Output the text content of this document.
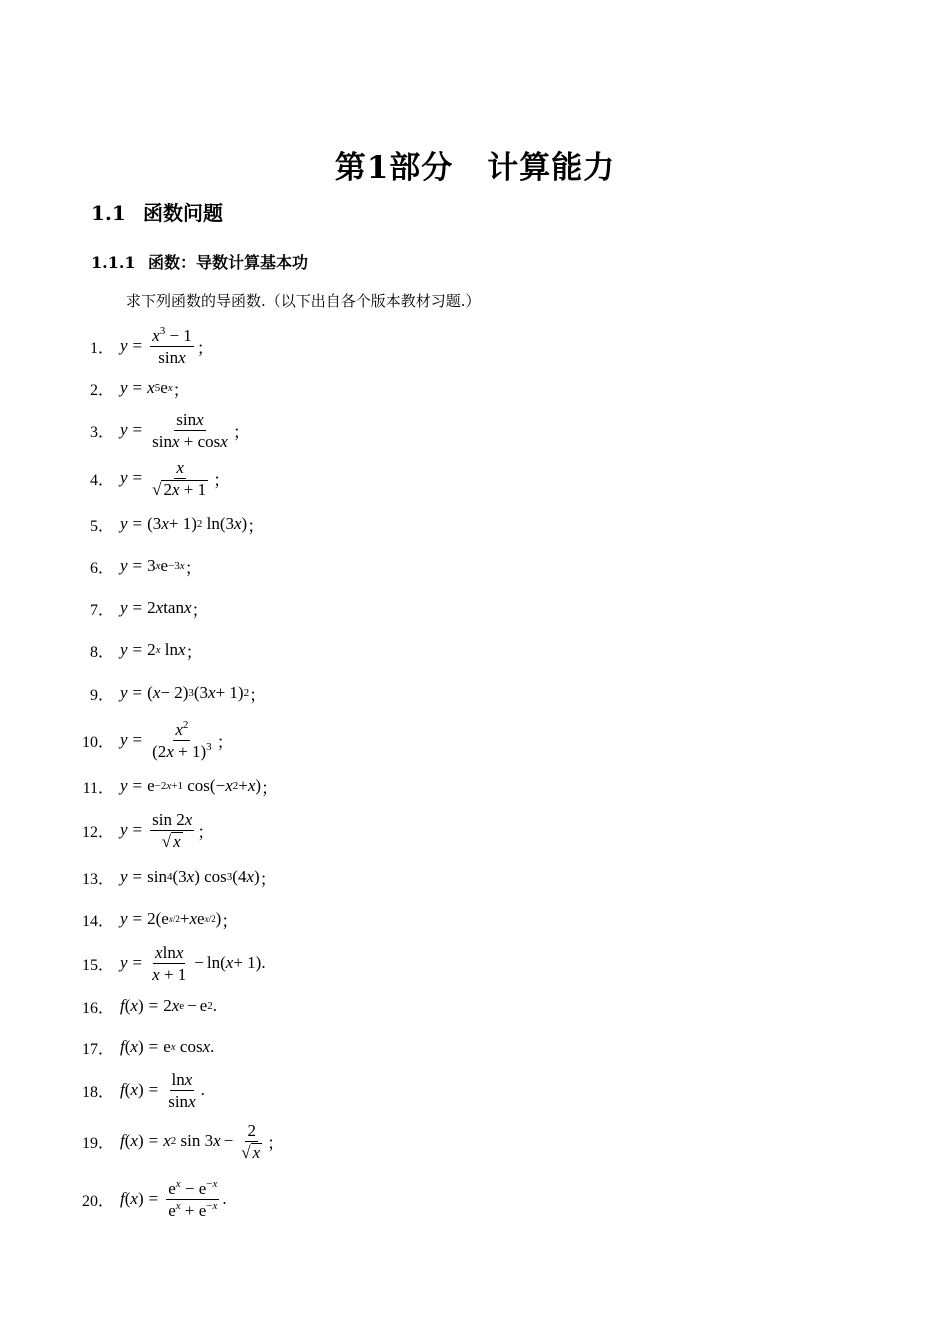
第1部分 计算能力
1.1 函数问题
1.1.1 函数：导数计算基本功
求下列函数的导函数.（以下出自各个版本教材习题.）
1． $y = \frac{x^3 - 1}{\sin x}$ ；
2． y = x 5 e x ；
3． $y = \frac{\sin x}{\sin x + \cos x}$ ；
4． $y = \frac{x}{√ 2x + 1}$ ；
5． y = (3 x + 1) 2 ln(3 x ) ；
6． y = 3 x e −3x ；
7． y = 2 x tan x ；
8． y = 2 x ln x ；
9． y = ( x − 2) 3 (3 x + 1) 2 ；
10． $y = \frac{x^2}{(2x + 1)^3}$ ；
11． y = e −2x+1 cos(− x 2 + x ) ；
12． $y = \frac{\sin 2x}{√ x}$ ；
13． y = sin 4 (3 x ) cos 3 (4 x ) ；
14． y = 2(e x/2 + x e x/2 ) ；
15． $y = \frac{xlnx}{x + 1} - \ln$( x + 1) .
16． f ( x ) = 2 x e − e 2 .
17． f ( x ) = e x cos x .
18． f ( x ) = $\frac{\ln x}{\sin x}$ .
19． f ( x ) = x 2 sin 3 $x - \frac{2}{√ x}$ ；
20． f ( x ) = $\frac{e^x - e^{-x}}{e^x + e^{-x}}$ .
